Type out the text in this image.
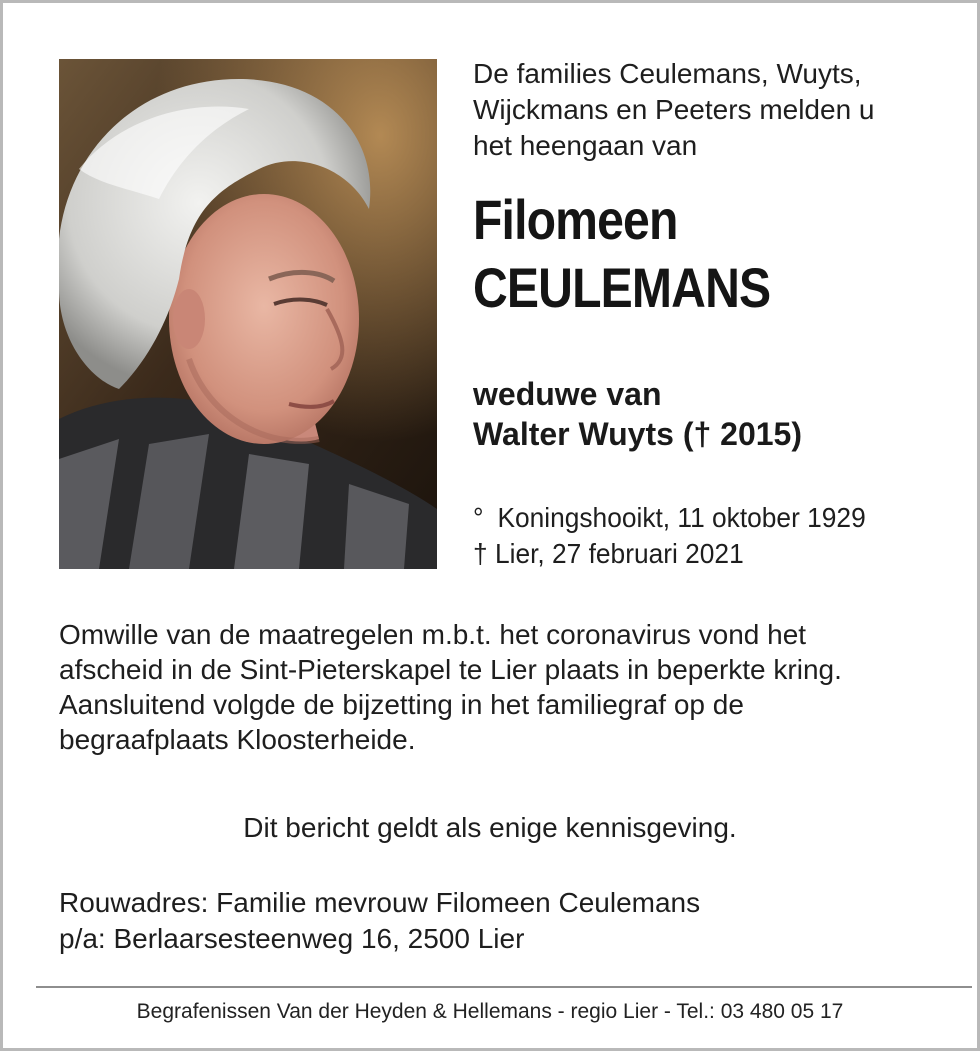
De families Ceulemans, Wuyts,
Wijckmans en Peeters melden u
het heengaan van
Filomeen
CEULEMANS
weduwe van
Walter Wuyts († 2015)
° Koningshooikt, 11 oktober 1929
† Lier, 27 februari 2021
Omwille van de maatregelen m.b.t. het coronavirus vond het
afscheid in de Sint-Pieterskapel te Lier plaats in beperkte kring.
Aansluitend volgde de bijzetting in het familiegraf op de
begraafplaats Kloosterheide.
Dit bericht geldt als enige kennisgeving.
Rouwadres: Familie mevrouw Filomeen Ceulemans
p/a: Berlaarsesteenweg 16, 2500 Lier
Begrafenissen Van der Heyden & Hellemans - regio Lier - Tel.: 03 480 05 17
